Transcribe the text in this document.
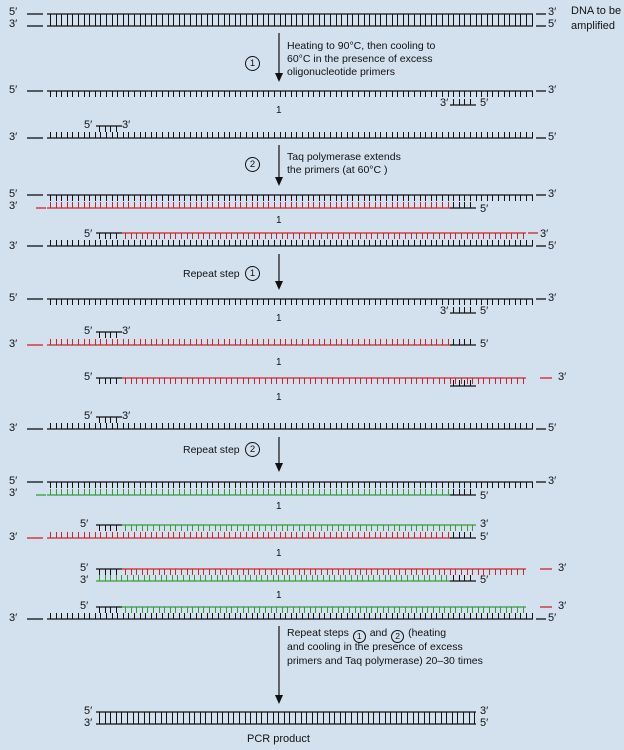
DNA to be
amplified
1
Heating to 90°C, then cooling to
60°C in the presence of excess
oligonucleotide primers
2
Taq polymerase extends
the primers (at 60°C )
Repeat step	1
Repeat step	2
Repeat steps 1 and 2 (heating
and cooling in the presence of excess
primers and Taq polymerase) 20–30 times
PCR product
1
1
1
1
1
1
1
1
5′
3′
3′
5′
5′	3′
3′	5′
5′	3′
3′	5′
5′
3′
3′
5′
5′	3′
3′	5′
5′	3′
3′	5′
5′	3′
3′	5′
5′	3′
5′	3′
3′	5′
5′
3′
3′
5′
5′	3′
3′	5′
5′
3′
3′
5′
5′	3′
3′	5′
5′
3′
3′
5′
